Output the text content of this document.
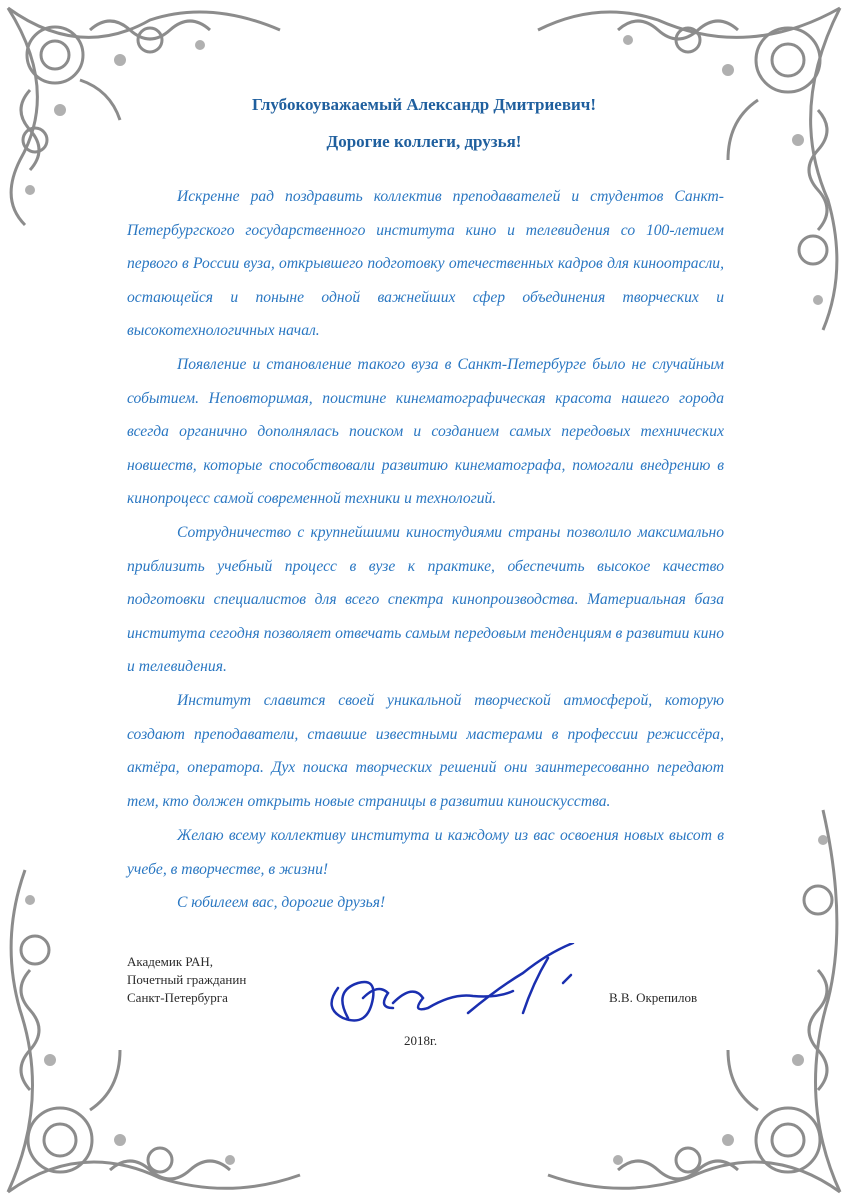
Глубокоуважаемый Александр Дмитриевич!
Дорогие коллеги, друзья!

Искренне рад поздравить коллектив преподавателей и студентов Санкт-Петербургского государственного института кино и телевидения со 100-летием первого в России вуза, открывшего подготовку отечественных кадров для киноотрасли, остающейся и поныне одной важнейших сфер объединения творческих и высокотехнологичных начал.

Появление и становление такого вуза в Санкт-Петербурге было не случайным событием. Неповторимая, поистине кинематографическая красота нашего города всегда органично дополнялась поиском и созданием самых передовых технических новшеств, которые способствовали развитию кинематографа, помогали внедрению в кинопроцесс самой современной техники и технологий.

Сотрудничество с крупнейшими киностудиями страны позволило максимально приблизить учебный процесс в вузе к практике, обеспечить высокое качество подготовки специалистов для всего спектра кинопроизводства. Материальная база института сегодня позволяет отвечать самым передовым тенденциям в развитии кино и телевидения.

Институт славится своей уникальной творческой атмосферой, которую создают преподаватели, ставшие известными мастерами в профессии режиссёра, актёра, оператора. Дух поиска творческих решений они заинтересованно передают тем, кто должен открыть новые страницы в развитии киноискусства.

Желаю всему коллективу института и каждому из вас освоения новых высот в учебе, в творчестве, в жизни!

С юбилеем вас, дорогие друзья!

Академик РАН,
Почетный гражданин
Санкт-Петербурга	В.В. Окрепилов
2018г.
